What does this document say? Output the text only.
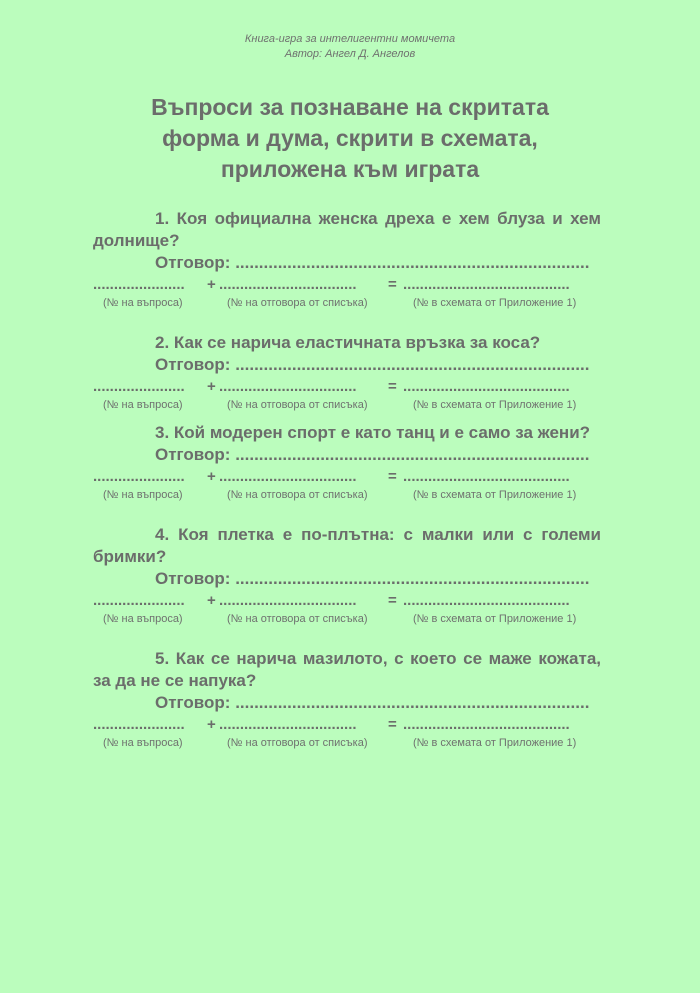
Книга-игра за интелигентни момичета
Автор: Ангел Д. Ангелов
Въпроси за познаване на скритата
форма и дума, скрити в схемата,
приложена към играта
1. Коя официална женска дреха е хем блуза и хем долнище?
Отговор: ...........................................................................
...................... + ................................. = ........................................
(№ на въпроса)	(№ на отговора от списъка)	(№ в схемата от Приложение 1)
2. Как се нарича еластичната връзка за коса?
Отговор: ...........................................................................
...................... + ................................. = ........................................
(№ на въпроса)	(№ на отговора от списъка)	(№ в схемата от Приложение 1)
3. Кой модерен спорт е като танц и е само за жени?
Отговор: ...........................................................................
...................... + ................................. = ........................................
(№ на въпроса)	(№ на отговора от списъка)	(№ в схемата от Приложение 1)
4. Коя плетка е по-плътна: с малки или с големи бримки?
Отговор: ...........................................................................
...................... + ................................. = ........................................
(№ на въпроса)	(№ на отговора от списъка)	(№ в схемата от Приложение 1)
5. Как се нарича мазилото, с което се маже кожата, за да не се напука?
Отговор: ...........................................................................
...................... + ................................. = ........................................
(№ на въпроса)	(№ на отговора от списъка)	(№ в схемата от Приложение 1)
